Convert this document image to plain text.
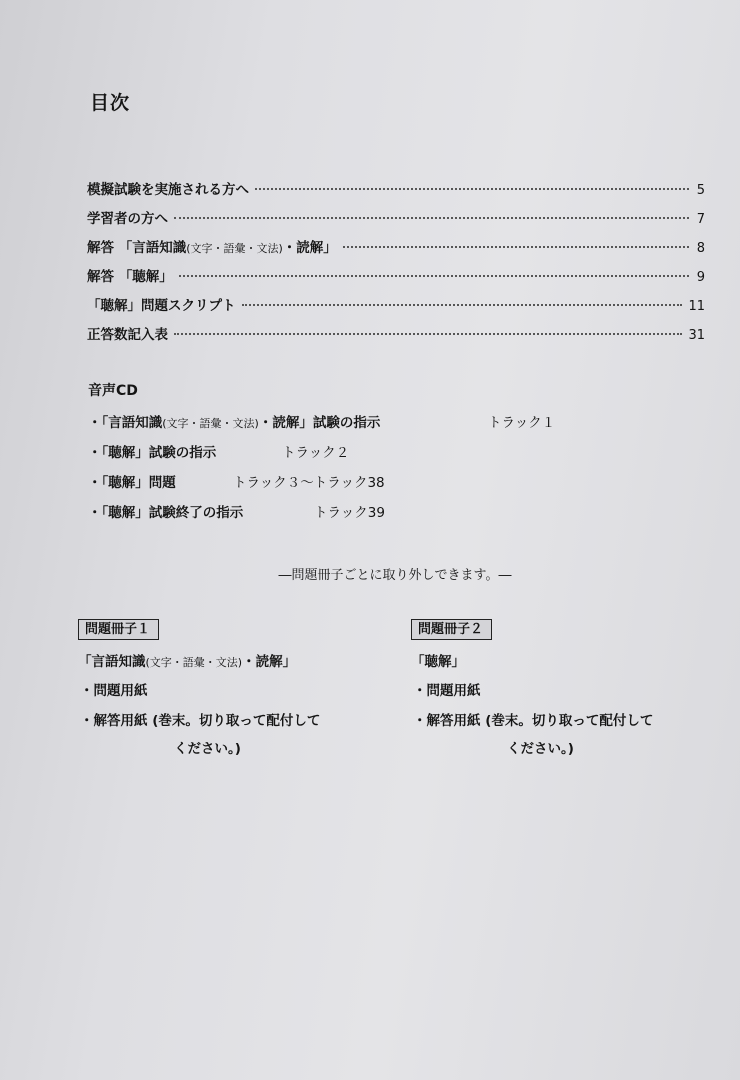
目次
模擬試験を実施される方へ	5
学習者の方へ	7
解答 「言語知識(文字・語彙・文法)・読解」	8
解答 「聴解」	9
「聴解」問題スクリプト	11
正答数記入表	31
音声CD
・「言語知識(文字・語彙・文法)・読解」試験の指示	トラック１
・「聴解」試験の指示	トラック２
・「聴解」問題	トラック３～トラック38
・「聴解」試験終了の指示	トラック39
―問題冊子ごとに取り外しできます。―
問題冊子１
「言語知識(文字・語彙・文法)・読解」
・問題用紙
・解答用紙 (巻末。切り取って配付して
ください。)
問題冊子２
「聴解」
・問題用紙
・解答用紙 (巻末。切り取って配付して
ください。)
